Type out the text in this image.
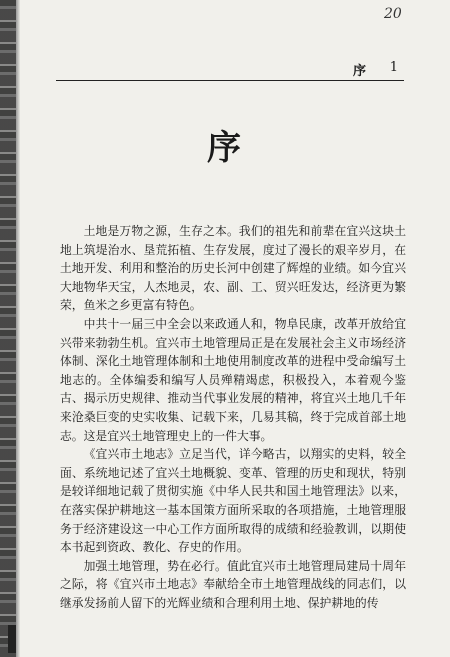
20
序 1
序

土地是万物之源，生存之本。我们的祖先和前辈在宜兴这块土地上筑堤治水、垦荒拓植、生存发展，度过了漫长的艰辛岁月，在土地开发、利用和整治的历史长河中创建了辉煌的业绩。如今宜兴大地物华天宝，人杰地灵，农、副、工、贸兴旺发达，经济更为繁荣，鱼米之乡更富有特色。

中共十一届三中全会以来政通人和，物阜民康，改革开放给宜兴带来勃勃生机。宜兴市土地管理局正是在发展社会主义市场经济体制、深化土地管理体制和土地使用制度改革的进程中受命编写土地志的。全体编委和编写人员殚精竭虑，积极投入，本着观今鉴古、揭示历史规律、推动当代事业发展的精神，将宜兴土地几千年来沧桑巨变的史实收集、记载下来，几易其稿，终于完成首部土地志。这是宜兴土地管理史上的一件大事。

《宜兴市土地志》立足当代，详今略古，以翔实的史料，较全面、系统地记述了宜兴土地概貌、变革、管理的历史和现状，特别是较详细地记载了贯彻实施《中华人民共和国土地管理法》以来，在落实保护耕地这一基本国策方面所采取的各项措施，土地管理服务于经济建设这一中心工作方面所取得的成绩和经验教训，以期使本书起到资政、教化、存史的作用。

加强土地管理，势在必行。值此宜兴市土地管理局建局十周年之际，将《宜兴市土地志》奉献给全市土地管理战线的同志们，以继承发扬前人留下的光辉业绩和合理利用土地、保护耕地的传
